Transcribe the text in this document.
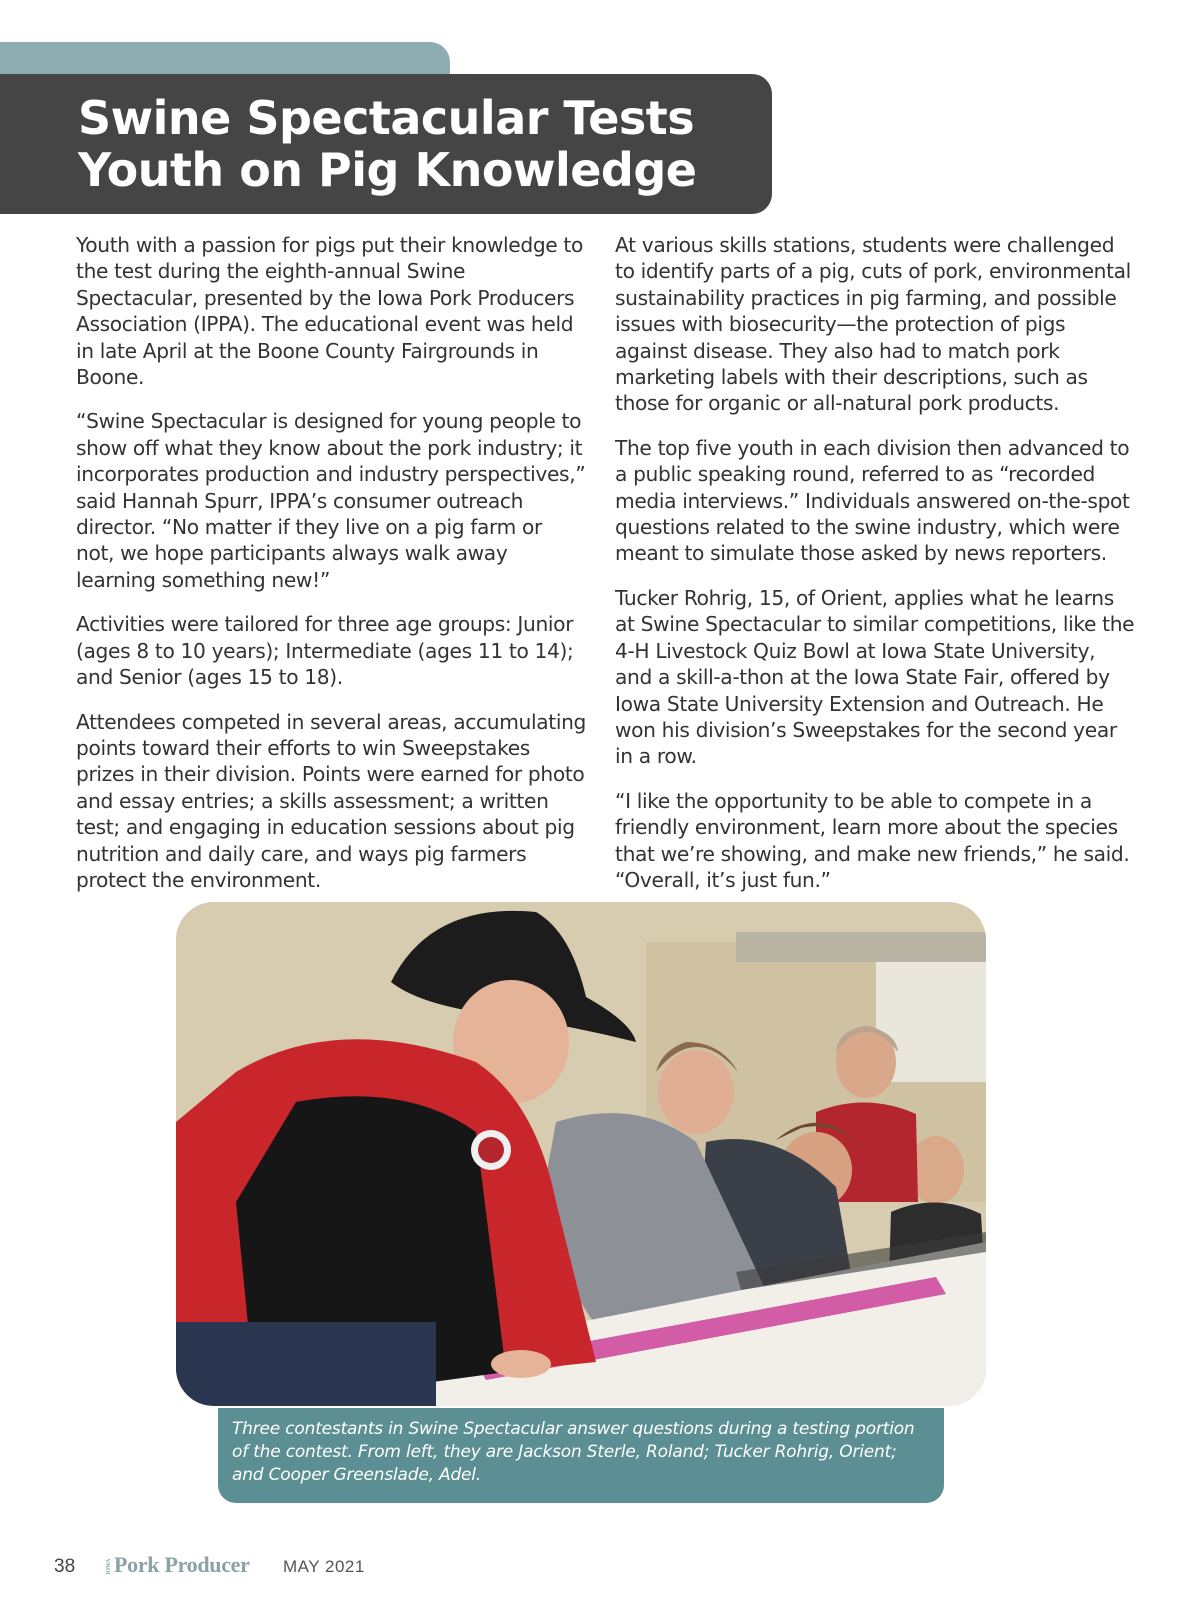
Swine Spectacular Tests Youth on Pig Knowledge

Youth with a passion for pigs put their knowledge to the test during the eighth-annual Swine Spectacular, presented by the Iowa Pork Producers Association (IPPA). The educational event was held in late April at the Boone County Fairgrounds in Boone.

“Swine Spectacular is designed for young people to show off what they know about the pork industry; it incorporates production and industry perspectives,” said Hannah Spurr, IPPA’s consumer outreach director. “No matter if they live on a pig farm or not, we hope participants always walk away learning something new!”

Activities were tailored for three age groups: Junior (ages 8 to 10 years); Intermediate (ages 11 to 14); and Senior (ages 15 to 18).

Attendees competed in several areas, accumulating points toward their efforts to win Sweepstakes prizes in their division. Points were earned for photo and essay entries; a skills assessment; a written test; and engaging in education sessions about pig nutrition and daily care, and ways pig farmers protect the environment.

At various skills stations, students were challenged to identify parts of a pig, cuts of pork, environmental sustainability practices in pig farming, and possible issues with biosecurity—the protection of pigs against disease. They also had to match pork marketing labels with their descriptions, such as those for organic or all-natural pork products.

The top five youth in each division then advanced to a public speaking round, referred to as “recorded media interviews.” Individuals answered on-the-spot questions related to the swine industry, which were meant to simulate those asked by news reporters.

Tucker Rohrig, 15, of Orient, applies what he learns at Swine Spectacular to similar competitions, like the 4-H Livestock Quiz Bowl at Iowa State University, and a skill-a-thon at the Iowa State Fair, offered by Iowa State University Extension and Outreach. He won his division’s Sweepstakes for the second year in a row.

“I like the opportunity to be able to compete in a friendly environment, learn more about the species that we’re showing, and make new friends,” he said. “Overall, it’s just fun.”

Three contestants in Swine Spectacular answer questions during a testing portion of the contest. From left, they are Jackson Sterle, Roland; Tucker Rohrig, Orient; and Cooper Greenslade, Adel.

38	IOWAPork Producer MAY 2021
